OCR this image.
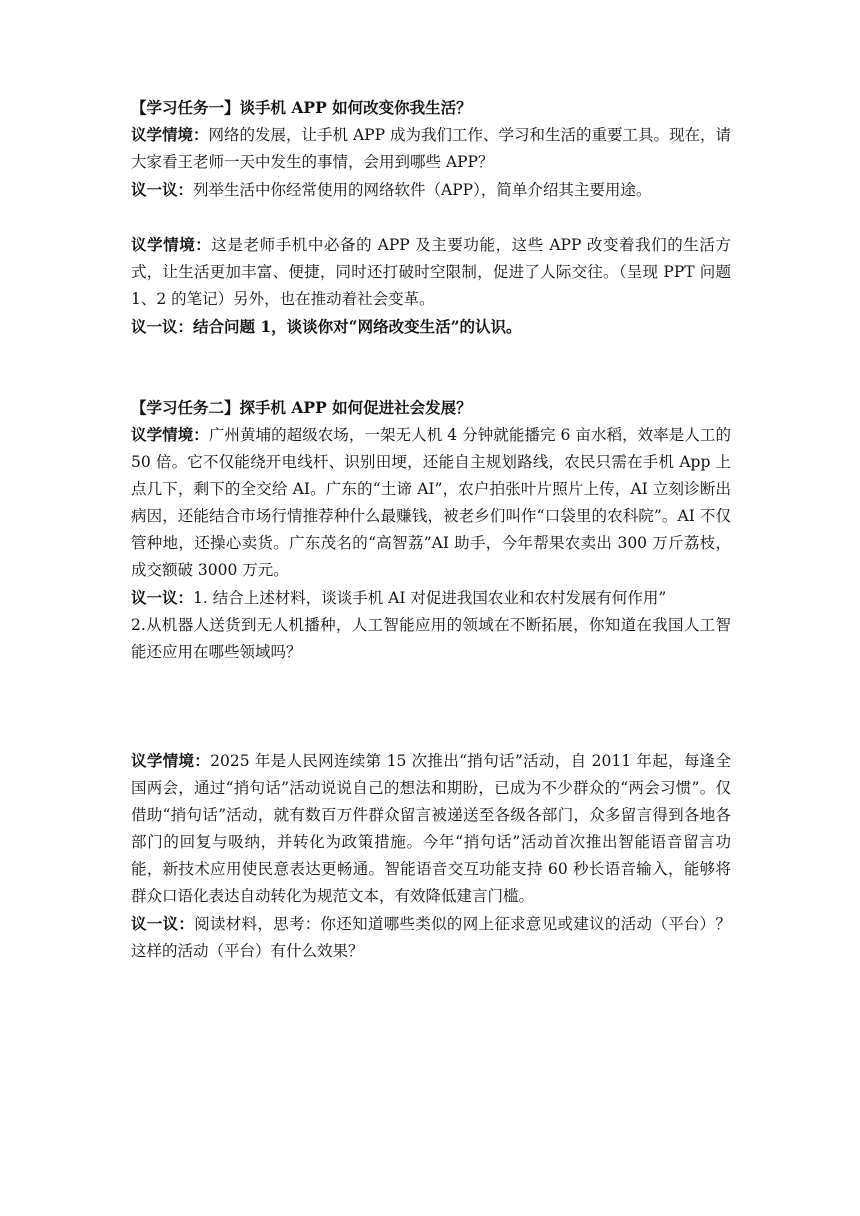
【学习任务一】谈手机 APP 如何改变你我生活？

议学情境：网络的发展，让手机 APP 成为我们工作、学习和生活的重要工具。现在，请大家看王老师一天中发生的事情，会用到哪些 APP？

议一议：列举生活中你经常使用的网络软件（APP），简单介绍其主要用途。

议学情境：这是老师手机中必备的 APP 及主要功能，这些 APP 改变着我们的生活方式，让生活更加丰富、便捷，同时还打破时空限制，促进了人际交往。（呈现 PPT 问题 1、2 的笔记）另外，也在推动着社会变革。

议一议：结合问题 1，谈谈你对“网络改变生活”的认识。

【学习任务二】探手机 APP 如何促进社会发展？

议学情境：广州黄埔的超级农场，一架无人机 4 分钟就能播完 6 亩水稻，效率是人工的 50 倍。它不仅能绕开电线杆、识别田埂，还能自主规划路线，农民只需在手机 App 上点几下，剩下的全交给 AI。广东的“土谛 AI”，农户拍张叶片照片上传，AI 立刻诊断出病因，还能结合市场行情推荐种什么最赚钱，被老乡们叫作“口袋里的农科院”。AI 不仅管种地，还操心卖货。广东茂名的“高智荔”AI 助手，今年帮果农卖出 300 万斤荔枝，成交额破 3000 万元。

议一议：1. 结合上述材料，谈谈手机 AI 对促进我国农业和农村发展有何作用”

2.从机器人送货到无人机播种，人工智能应用的领域在不断拓展，你知道在我国人工智能还应用在哪些领域吗？

议学情境：2025 年是人民网连续第 15 次推出“捎句话”活动，自 2011 年起，每逢全国两会，通过“捎句话”活动说说自己的想法和期盼，已成为不少群众的“两会习惯”。仅借助“捎句话”活动，就有数百万件群众留言被递送至各级各部门，众多留言得到各地各部门的回复与吸纳，并转化为政策措施。今年“捎句话”活动首次推出智能语音留言功能，新技术应用使民意表达更畅通。智能语音交互功能支持 60 秒长语音输入，能够将群众口语化表达自动转化为规范文本，有效降低建言门槛。

议一议：阅读材料，思考：你还知道哪些类似的网上征求意见或建议的活动（平台）？这样的活动（平台）有什么效果？
